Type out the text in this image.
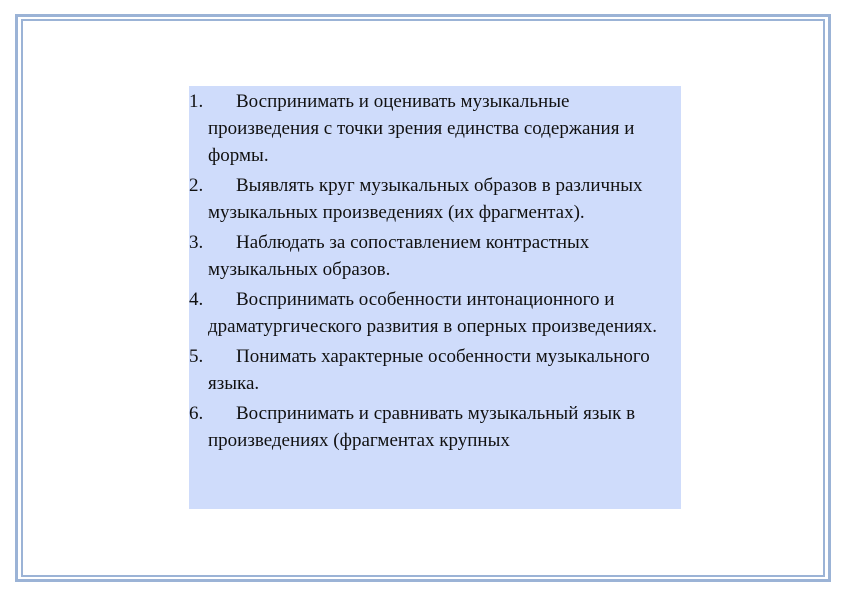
1. Воспринимать и оценивать музыкальные произведения с точки зрения единства содержания и формы.
2. Выявлять круг музыкальных образов в различных музыкальных произведениях (их фрагментах).
3. Наблюдать за сопоставлением контрастных музыкальных образов.
4. Воспринимать особенности интонационного и драматургического развития в оперных произведениях.
5. Понимать характерные особенности музыкального языка.
6. Воспринимать и сравнивать музыкальный язык в произведениях (фрагментах крупных
